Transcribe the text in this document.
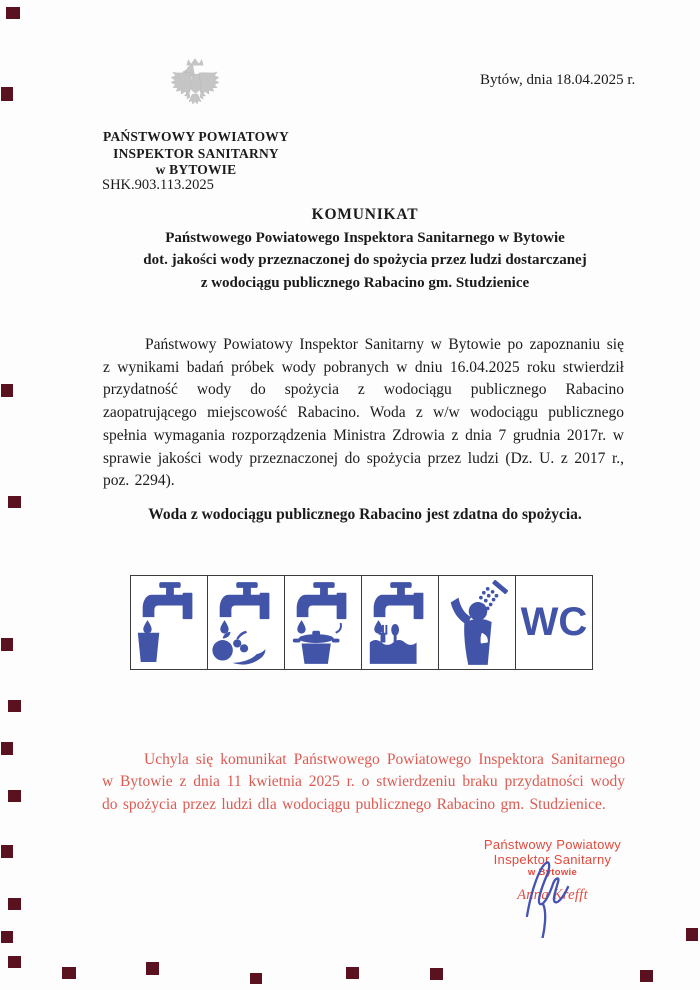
Bytów, dnia 18.04.2025 r.
PAŃSTWOWY POWIATOWY
INSPEKTOR SANITARNY
w BYTOWIE
SHK.903.113.2025
KOMUNIKAT
Państwowego Powiatowego Inspektora Sanitarnego w Bytowie
dot. jakości wody przeznaczonej do spożycia przez ludzi dostarczanej
z wodociągu publicznego Rabacino gm. Studzienice

Państwowy Powiatowy Inspektor Sanitarny w Bytowie po zapoznaniu się z wynikami badań próbek wody pobranych w dniu 16.04.2025 roku stwierdził przydatność wody do spożycia z wodociągu publicznego Rabacino zaopatrującego miejscowość Rabacino. Woda z w/w wodociągu publicznego spełnia wymagania rozporządzenia Ministra Zdrowia z dnia 7 grudnia 2017r. w sprawie jakości wody przeznaczonej do spożycia przez ludzi (Dz. U. z 2017 r., poz. 2294).

Woda z wodociągu publicznego Rabacino jest zdatna do spożycia.
WC

Uchyla się komunikat Państwowego Powiatowego Inspektora Sanitarnego w Bytowie z dnia 11 kwietnia 2025 r. o stwierdzeniu braku przydatności wody do spożycia przez ludzi dla wodociągu publicznego Rabacino gm. Studzienice.

Państwowy Powiatowy
Inspektor Sanitarny
w Bytowie
Anna Krefft
